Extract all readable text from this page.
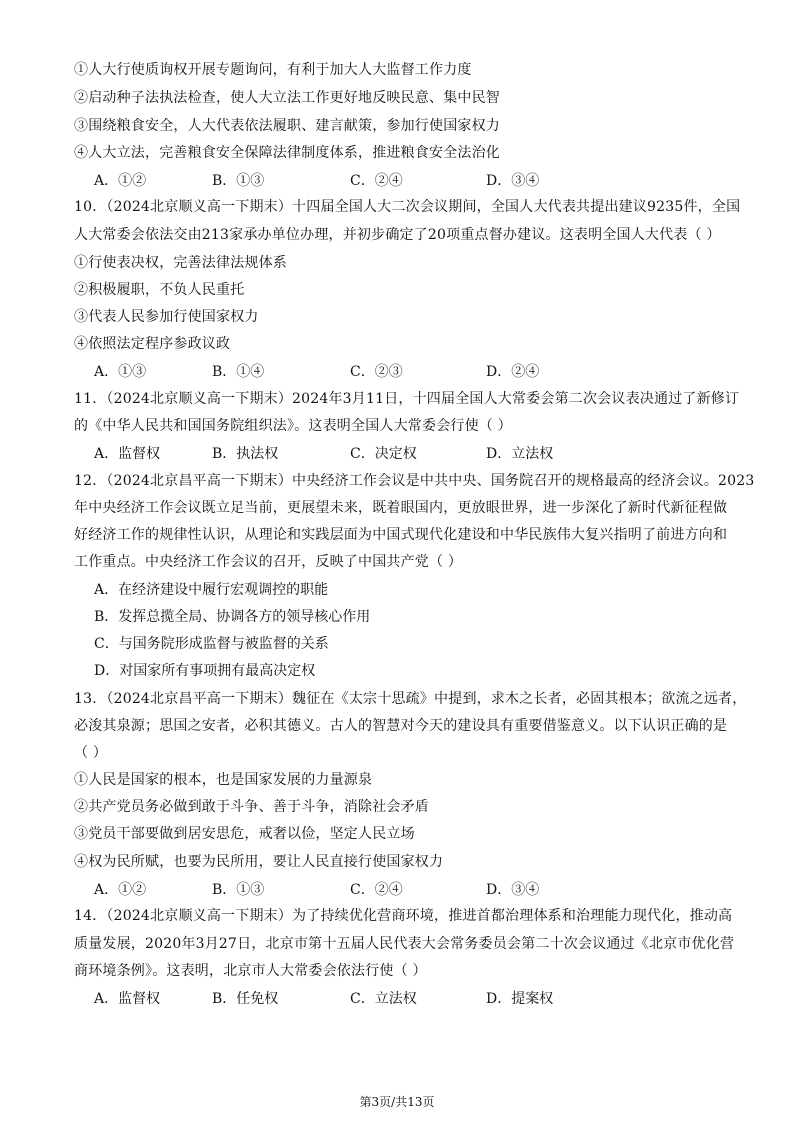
①人大行使质询权开展专题询问，有利于加大人大监督工作力度
②启动种子法执法检查，使人大立法工作更好地反映民意、集中民智
③围绕粮食安全，人大代表依法履职、建言献策，参加行使国家权力
④人大立法，完善粮食安全保障法律制度体系，推进粮食安全法治化
A．①②	B．①③	C．②④	D．③④
10．（2024北京顺义高一下期末）十四届全国人大二次会议期间，全国人大代表共提出建议9235件，全国
人大常委会依法交由213家承办单位办理，并初步确定了20项重点督办建议。这表明全国人大代表（ ）
①行使表决权，完善法律法规体系
②积极履职，不负人民重托
③代表人民参加行使国家权力
④依照法定程序参政议政
A．①③	B．①④	C．②③	D．②④
11．（2024北京顺义高一下期末）2024年3月11日，十四届全国人大常委会第二次会议表决通过了新修订
的《中华人民共和国国务院组织法》。这表明全国人大常委会行使（ ）
A．监督权	B．执法权	C．决定权	D．立法权
12．（2024北京昌平高一下期末）中央经济工作会议是中共中央、国务院召开的规格最高的经济会议。2023
年中央经济工作会议既立足当前，更展望未来，既着眼国内，更放眼世界，进一步深化了新时代新征程做
好经济工作的规律性认识，从理论和实践层面为中国式现代化建设和中华民族伟大复兴指明了前进方向和
工作重点。中央经济工作会议的召开，反映了中国共产党（ ）
A．在经济建设中履行宏观调控的职能
B．发挥总揽全局、协调各方的领导核心作用
C．与国务院形成监督与被监督的关系
D．对国家所有事项拥有最高决定权
13．（2024北京昌平高一下期末）魏征在《太宗十思疏》中提到，求木之长者，必固其根本；欲流之远者，
必浚其泉源；思国之安者，必积其德义。古人的智慧对今天的建设具有重要借鉴意义。以下认识正确的是
（ ）
①人民是国家的根本，也是国家发展的力量源泉
②共产党员务必做到敢于斗争、善于斗争，消除社会矛盾
③党员干部要做到居安思危，戒奢以俭，坚定人民立场
④权为民所赋，也要为民所用，要让人民直接行使国家权力
A．①②	B．①③	C．②④	D．③④
14．（2024北京顺义高一下期末）为了持续优化营商环境，推进首都治理体系和治理能力现代化，推动高
质量发展，2020年3月27日，北京市第十五届人民代表大会常务委员会第二十次会议通过《北京市优化营
商环境条例》。这表明，北京市人大常委会依法行使（ ）
A．监督权	B．任免权	C．立法权	D．提案权
第3页/共13页
